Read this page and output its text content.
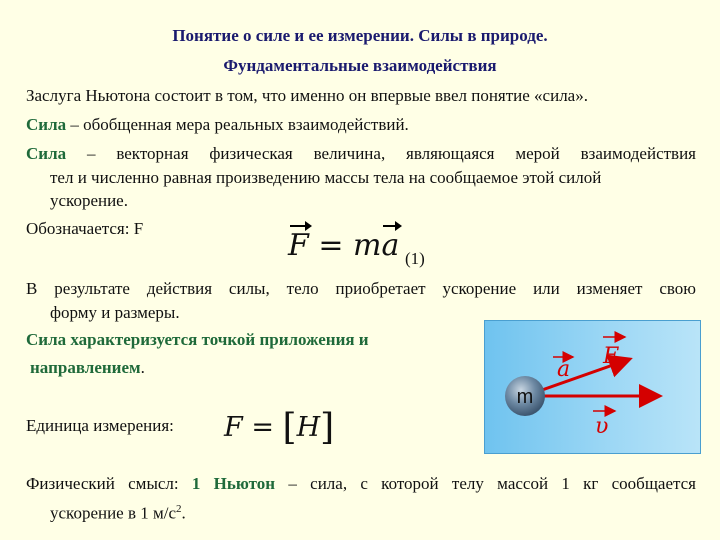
Понятие о силе и ее измерении. Силы в природе.
Фундаментальные взаимодействия
Заслуга Ньютона состоит в том, что именно он впервые ввел понятие «сила».
Сила – обобщенная мера реальных взаимодействий.
Сила – векторная физическая величина, являющаяся мерой взаимодействия
тел и численно равная произведению массы тела на сообщаемое этой силой
ускорение.
Обозначается: F	F = ma (1)
В результате действия силы, тело приобретает ускорение или изменяет свою
форму и размеры.
Сила характеризуется точкой приложения и
направлением.
Единица измерения: F = [H]
Физический смысл: 1 Ньютон – сила, с которой телу массой 1 кг сообщается
ускорение в 1 $м/с^2$.
m
a
F
υ
